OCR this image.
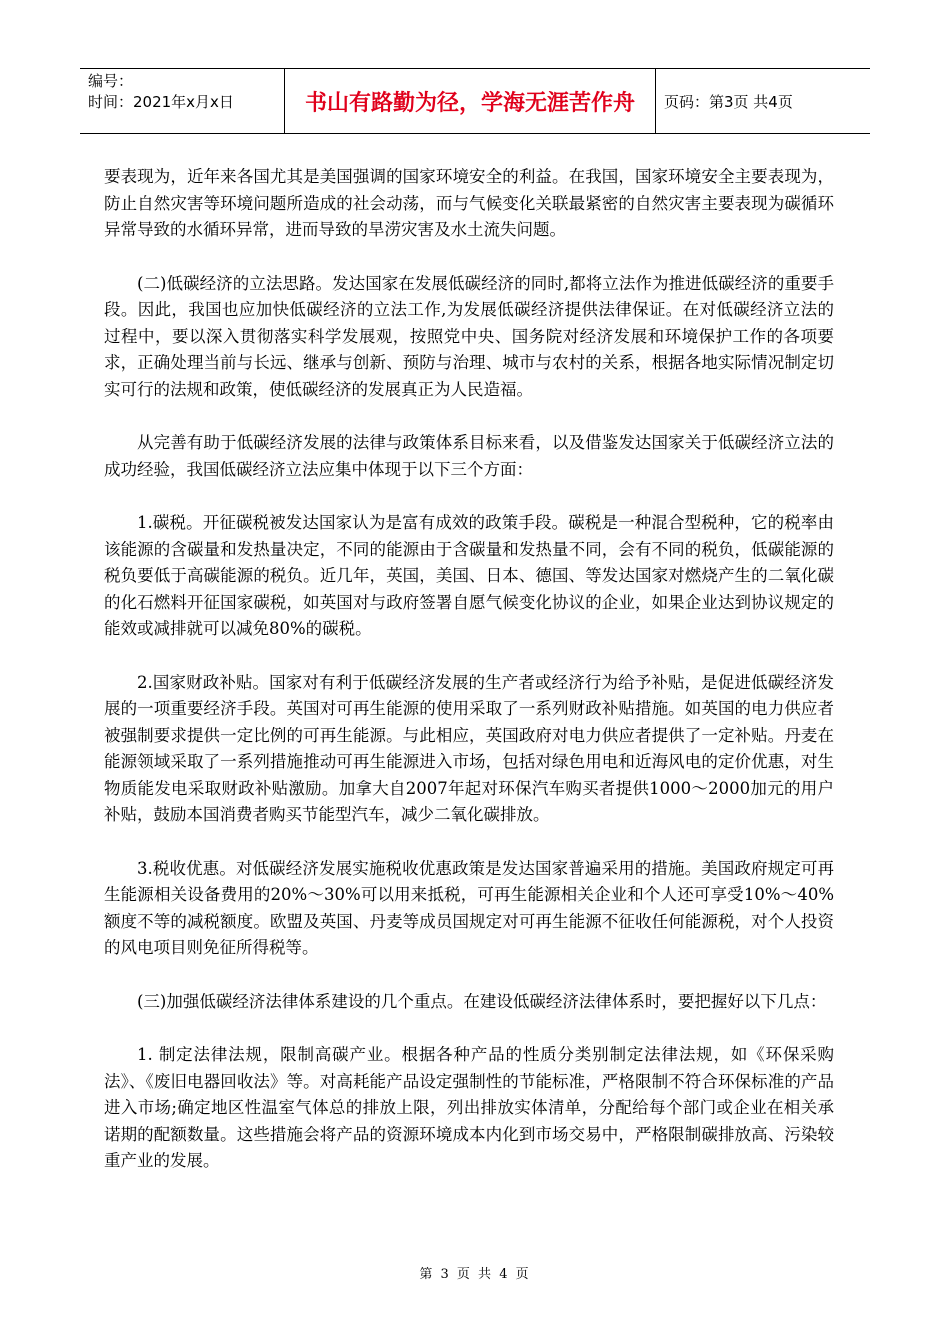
编号：
时间：2021年x月x日	书山有路勤为径，学海无涯苦作舟	页码：第3页 共4页

要表现为，近年来各国尤其是美国强调的国家环境安全的利益。在我国，国家环境安全主要表现为，防止自然灾害等环境问题所造成的社会动荡，而与气候变化关联最紧密的自然灾害主要表现为碳循环异常导致的水循环异常，进而导致的旱涝灾害及水土流失问题。

(二)低碳经济的立法思路。发达国家在发展低碳经济的同时,都将立法作为推进低碳经济的重要手段。因此，我国也应加快低碳经济的立法工作,为发展低碳经济提供法律保证。在对低碳经济立法的过程中，要以深入贯彻落实科学发展观，按照党中央、国务院对经济发展和环境保护工作的各项要求，正确处理当前与长远、继承与创新、预防与治理、城市与农村的关系，根据各地实际情况制定切实可行的法规和政策，使低碳经济的发展真正为人民造福。

从完善有助于低碳经济发展的法律与政策体系目标来看，以及借鉴发达国家关于低碳经济立法的成功经验，我国低碳经济立法应集中体现于以下三个方面：

1.碳税。开征碳税被发达国家认为是富有成效的政策手段。碳税是一种混合型税种，它的税率由该能源的含碳量和发热量决定，不同的能源由于含碳量和发热量不同，会有不同的税负，低碳能源的税负要低于高碳能源的税负。近几年，英国，美国、日本、德国、等发达国家对燃烧产生的二氧化碳的化石燃料开征国家碳税，如英国对与政府签署自愿气候变化协议的企业，如果企业达到协议规定的能效或减排就可以减免80%的碳税。

2.国家财政补贴。国家对有利于低碳经济发展的生产者或经济行为给予补贴，是促进低碳经济发展的一项重要经济手段。英国对可再生能源的使用采取了一系列财政补贴措施。如英国的电力供应者被强制要求提供一定比例的可再生能源。与此相应，英国政府对电力供应者提供了一定补贴。丹麦在能源领域采取了一系列措施推动可再生能源进入市场，包括对绿色用电和近海风电的定价优惠，对生物质能发电采取财政补贴激励。加拿大自2007年起对环保汽车购买者提供1000～2000加元的用户补贴，鼓励本国消费者购买节能型汽车，减少二氧化碳排放。

3.税收优惠。对低碳经济发展实施税收优惠政策是发达国家普遍采用的措施。美国政府规定可再生能源相关设备费用的20%～30%可以用来抵税，可再生能源相关企业和个人还可享受10%～40%额度不等的减税额度。欧盟及英国、丹麦等成员国规定对可再生能源不征收任何能源税，对个人投资的风电项目则免征所得税等。

(三)加强低碳经济法律体系建设的几个重点。在建设低碳经济法律体系时，要把握好以下几点：

1. 制定法律法规，限制高碳产业。根据各种产品的性质分类别制定法律法规，如《环保采购法》、《废旧电器回收法》等。对高耗能产品设定强制性的节能标准，严格限制不符合环保标准的产品进入市场;确定地区性温室气体总的排放上限，列出排放实体清单，分配给每个部门或企业在相关承诺期的配额数量。这些措施会将产品的资源环境成本内化到市场交易中，严格限制碳排放高、污染较重产业的发展。

第 3 页 共 4 页
